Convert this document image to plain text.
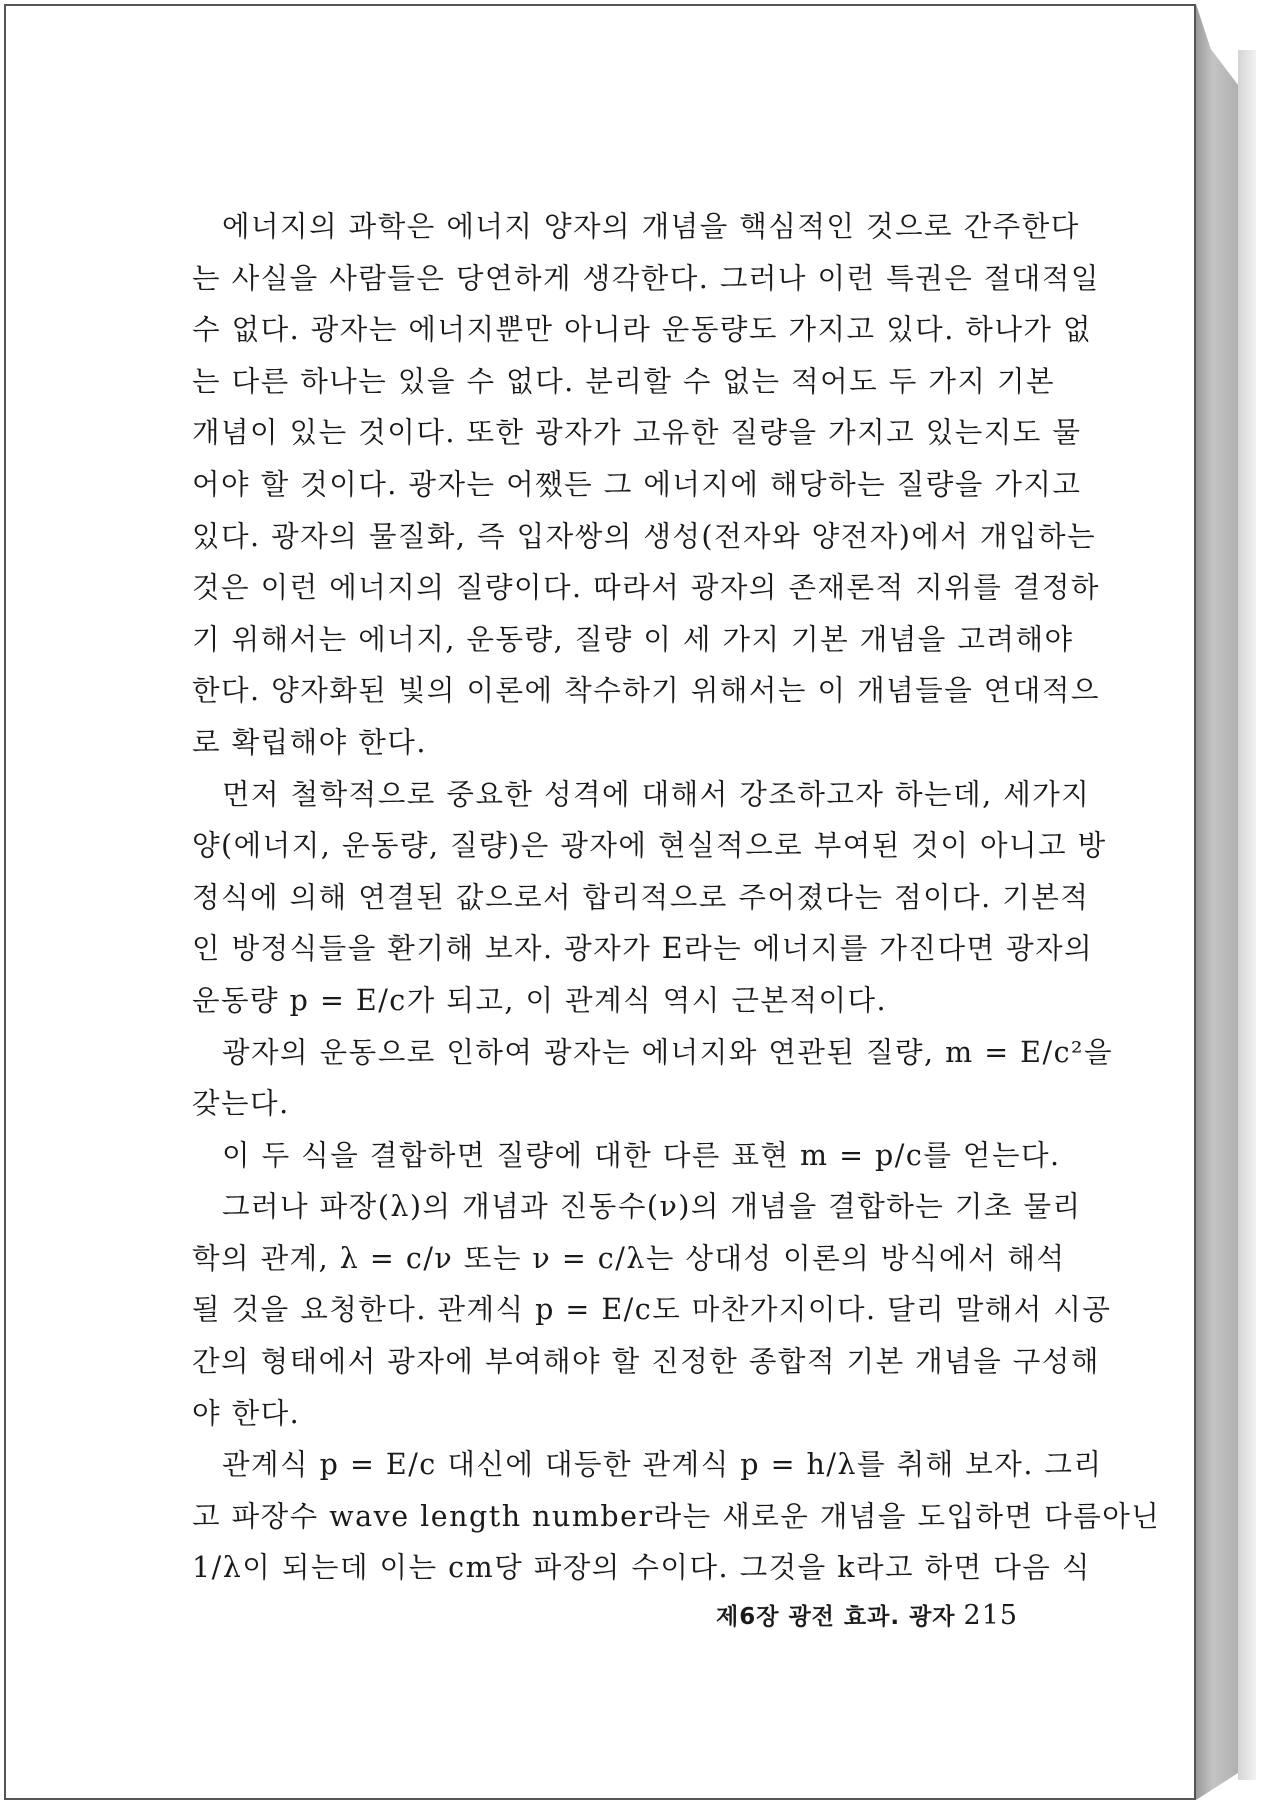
에너지의 과학은 에너지 양자의 개념을 핵심적인 것으로 간주한다
는 사실을 사람들은 당연하게 생각한다. 그러나 이런 특권은 절대적일
수 없다. 광자는 에너지뿐만 아니라 운동량도 가지고 있다. 하나가 없
는 다른 하나는 있을 수 없다. 분리할 수 없는 적어도 두 가지 기본
개념이 있는 것이다. 또한 광자가 고유한 질량을 가지고 있는지도 물
어야 할 것이다. 광자는 어쨌든 그 에너지에 해당하는 질량을 가지고
있다. 광자의 물질화, 즉 입자쌍의 생성(전자와 양전자)에서 개입하는
것은 이런 에너지의 질량이다. 따라서 광자의 존재론적 지위를 결정하
기 위해서는 에너지, 운동량, 질량 이 세 가지 기본 개념을 고려해야
한다. 양자화된 빛의 이론에 착수하기 위해서는 이 개념들을 연대적으
로 확립해야 한다.
먼저 철학적으로 중요한 성격에 대해서 강조하고자 하는데, 세가지
양(에너지, 운동량, 질량)은 광자에 현실적으로 부여된 것이 아니고 방
정식에 의해 연결된 값으로서 합리적으로 주어졌다는 점이다. 기본적
인 방정식들을 환기해 보자. 광자가 E라는 에너지를 가진다면 광자의
운동량 p = E/c가 되고, 이 관계식 역시 근본적이다.
광자의 운동으로 인하여 광자는 에너지와 연관된 질량, m = E/c²을
갖는다.
이 두 식을 결합하면 질량에 대한 다른 표현 m = p/c를 얻는다.
그러나 파장(λ)의 개념과 진동수(ν)의 개념을 결합하는 기초 물리
학의 관계, λ = c/ν 또는 ν = c/λ는 상대성 이론의 방식에서 해석
될 것을 요청한다. 관계식 p = E/c도 마찬가지이다. 달리 말해서 시공
간의 형태에서 광자에 부여해야 할 진정한 종합적 기본 개념을 구성해
야 한다.
관계식 p = E/c 대신에 대등한 관계식 p = h/λ를 취해 보자. 그리
고 파장수 wave length number라는 새로운 개념을 도입하면 다름아닌
1/λ이 되는데 이는 cm당 파장의 수이다. 그것을 k라고 하면 다음 식
제6장 광전 효과. 광자 215
